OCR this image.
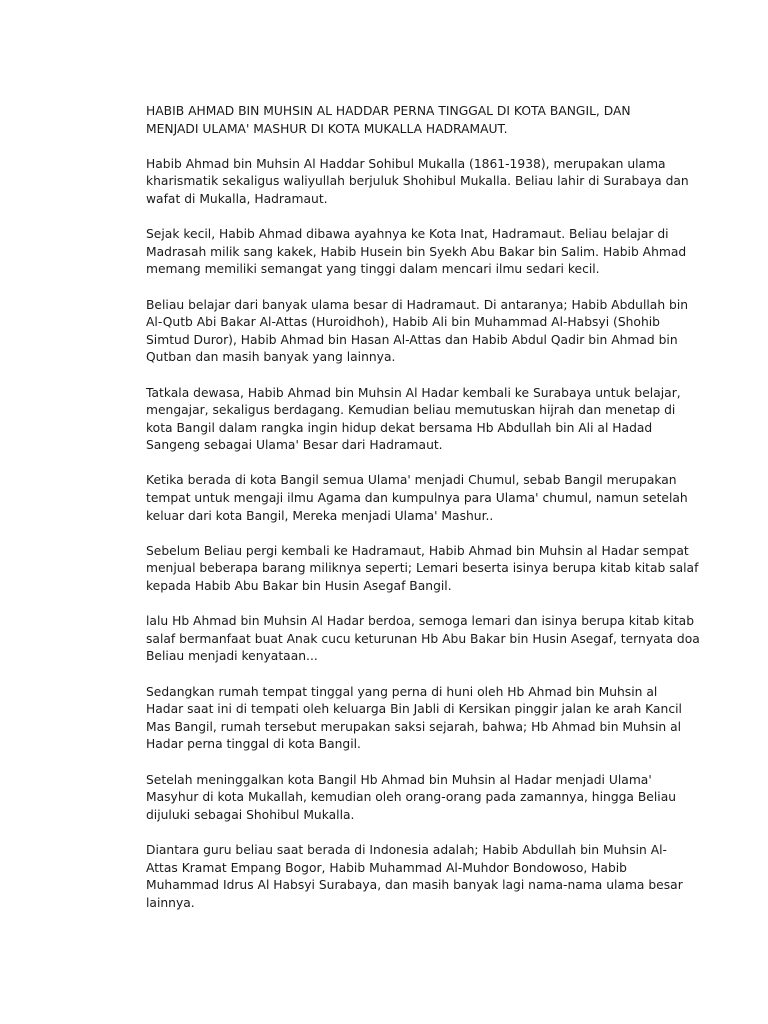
HABIB AHMAD BIN MUHSIN AL HADDAR PERNA TINGGAL DI KOTA BANGIL, DAN
MENJADI ULAMA' MASHUR DI KOTA MUKALLA HADRAMAUT.

Habib Ahmad bin Muhsin Al Haddar Sohibul Mukalla (1861-1938), merupakan ulama
kharismatik sekaligus waliyullah berjuluk Shohibul Mukalla. Beliau lahir di Surabaya dan
wafat di Mukalla, Hadramaut.

Sejak kecil, Habib Ahmad dibawa ayahnya ke Kota Inat, Hadramaut. Beliau belajar di
Madrasah milik sang kakek, Habib Husein bin Syekh Abu Bakar bin Salim. Habib Ahmad
memang memiliki semangat yang tinggi dalam mencari ilmu sedari kecil.

Beliau belajar dari banyak ulama besar di Hadramaut. Di antaranya; Habib Abdullah bin
Al-Qutb Abi Bakar Al-Attas (Huroidhoh), Habib Ali bin Muhammad Al-Habsyi (Shohib
Simtud Duror), Habib Ahmad bin Hasan Al-Attas dan Habib Abdul Qadir bin Ahmad bin
Qutban dan masih banyak yang lainnya.

Tatkala dewasa, Habib Ahmad bin Muhsin Al Hadar kembali ke Surabaya untuk belajar,
mengajar, sekaligus berdagang. Kemudian beliau memutuskan hijrah dan menetap di
kota Bangil dalam rangka ingin hidup dekat bersama Hb Abdullah bin Ali al Hadad
Sangeng sebagai Ulama' Besar dari Hadramaut.

Ketika berada di kota Bangil semua Ulama' menjadi Chumul, sebab Bangil merupakan
tempat untuk mengaji ilmu Agama dan kumpulnya para Ulama' chumul, namun setelah
keluar dari kota Bangil, Mereka menjadi Ulama' Mashur..

Sebelum Beliau pergi kembali ke Hadramaut, Habib Ahmad bin Muhsin al Hadar sempat
menjual beberapa barang miliknya seperti; Lemari beserta isinya berupa kitab kitab salaf
kepada Habib Abu Bakar bin Husin Asegaf Bangil.

lalu Hb Ahmad bin Muhsin Al Hadar berdoa, semoga lemari dan isinya berupa kitab kitab
salaf bermanfaat buat Anak cucu keturunan Hb Abu Bakar bin Husin Asegaf, ternyata doa
Beliau menjadi kenyataan...

Sedangkan rumah tempat tinggal yang perna di huni oleh Hb Ahmad bin Muhsin al
Hadar saat ini di tempati oleh keluarga Bin Jabli di Kersikan pinggir jalan ke arah Kancil
Mas Bangil, rumah tersebut merupakan saksi sejarah, bahwa; Hb Ahmad bin Muhsin al
Hadar perna tinggal di kota Bangil.

Setelah meninggalkan kota Bangil Hb Ahmad bin Muhsin al Hadar menjadi Ulama'
Masyhur di kota Mukallah, kemudian oleh orang-orang pada zamannya, hingga Beliau
dijuluki sebagai Shohibul Mukalla.

Diantara guru beliau saat berada di Indonesia adalah; Habib Abdullah bin Muhsin Al-
Attas Kramat Empang Bogor, Habib Muhammad Al-Muhdor Bondowoso, Habib
Muhammad Idrus Al Habsyi Surabaya, dan masih banyak lagi nama-nama ulama besar
lainnya.
